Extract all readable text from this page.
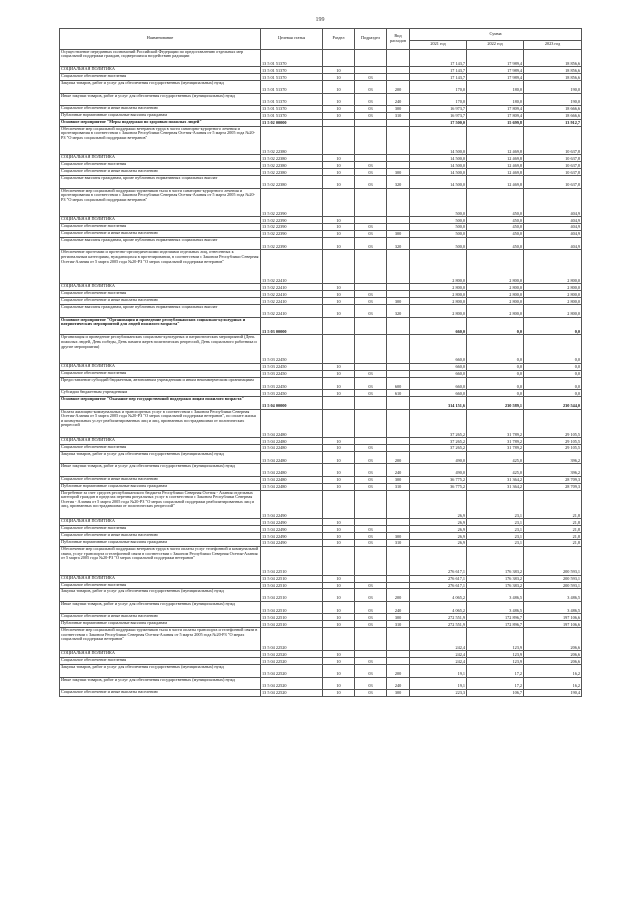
199
Наименование	Целевая статья	Раздел	Подраздел	Вид расходов	Сумма		
					2021 год	2022 год	2023 год
Осуществление переданных полномочий Российской Федерации по предоставлению отдельных мер социальной поддержки граждан, подвергшихся воздействию радиации	13 5 01 51370				17 143,7	17 989,4	18 856,6
СОЦИАЛЬНАЯ ПОЛИТИКА	13 5 01 51370	10			17 143,7	17 989,4	18 856,6
Социальное обеспечение населения	13 5 01 51370	10	03		17 143,7	17 989,4	18 856,6
Закупка товаров, работ и услуг для обеспечения государственных (муниципальных) нужд	13 5 01 51370	10	03	200	170,0	180,0	190,0
Иные закупки товаров, работ и услуг для обеспечения государственных (муниципальных) нужд	13 5 01 51370	10	03	240	170,0	180,0	190,0
Социальное обеспечение и иные выплаты населению	13 5 01 51370	10	03	300	16 973,7	17 809,4	18 666,6
Публичные нормативные социальные выплаты гражданам	13 5 01 51370	10	03	310	16 973,7	17 809,4	18 666,6
Основное мероприятие "Меры поддержки по здоровью пожилых людей"	13 5 02 00000				17 500,0	15 699,8	13 912,7
Обеспечение мер социальной поддержки ветеранов труда в части санаторно-курортного лечения и протезирования в соответствии с Законом Республики Северная Осетия-Алания от 5 марта 2005 года №20-РЗ "О мерах социальной поддержки ветеранов"	13 5 02 22380				14 500,0	12 469,8	10 637,8
СОЦИАЛЬНАЯ ПОЛИТИКА	13 5 02 22380	10			14 500,0	12 469,8	10 637,8
Социальное обеспечение населения	13 5 02 22380	10	03		14 500,0	12 469,8	10 637,8
Социальное обеспечение и иные выплаты населению	13 5 02 22380	10	03	300	14 500,0	12 469,8	10 637,8
Социальные выплаты гражданам, кроме публичных нормативных социальных выплат	13 5 02 22380	10	03	320	14 500,0	12 469,8	10 637,8
Обеспечение мер социальной поддержки тружеников тыла в части санаторно-курортного лечения и протезирования в соответствии с Законом Республики Северная Осетия-Алания от 5 марта 2005 года №20-РЗ "О мерах социальной поддержки ветеранов"	13 5 02 22390				500,0	450,0	404,9
СОЦИАЛЬНАЯ ПОЛИТИКА	13 5 02 22390	10			500,0	450,0	404,9
Социальное обеспечение населения	13 5 02 22390	10	03		500,0	450,0	404,9
Социальное обеспечение и иные выплаты населению	13 5 02 22390	10	03	300	500,0	450,0	404,9
Социальные выплаты гражданам, кроме публичных нормативных социальных выплат	13 5 02 22390	10	03	320	500,0	450,0	404,9
Обеспечение протезами и протезно-ортопедическими изделиями отдельных лиц, отнесенных к региональным категориям, нуждающихся в протезировании, в соответствии с Законом Республики Северная Осетия-Алания от 5 марта 2005 года №20-РЗ "О мерах социальной поддержки ветеранов"	13 5 02 22410				2 800,0	2 800,0	2 800,0
СОЦИАЛЬНАЯ ПОЛИТИКА	13 5 02 22410	10			2 800,0	2 800,0	2 800,0
Социальное обеспечение населения	13 5 02 22410	10	03		2 800,0	2 800,0	2 800,0
Социальное обеспечение и иные выплаты населению	13 5 02 22410	10	03	300	2 800,0	2 800,0	2 800,0
Социальные выплаты гражданам, кроме публичных нормативных социальных выплат	13 5 02 22410	10	03	320	2 800,0	2 800,0	2 800,0
Основное мероприятие "Организация и проведение республиканских социально-культурных и патриотических мероприятий для людей пожилого возраста"	13 5 03 00000				660,0	0,0	0,0
Организация и проведение республиканских социально-культурных и патриотических мероприятий (День пожилых людей, День победы, День памяти жертв политических репрессий, День социального работника и другие мероприятия)	13 5 03 22450				660,0	0,0	0,0
СОЦИАЛЬНАЯ ПОЛИТИКА	13 5 03 22450	10			660,0	0,0	0,0
Социальное обеспечение населения	13 5 03 22450	10	03		660,0	0,0	0,0
Предоставление субсидий бюджетным, автономным учреждениям и иным некоммерческим организациям	13 5 03 22450	10	03	600	660,0	0,0	0,0
Субсидии бюджетным учреждениям	13 5 03 22450	10	03	610	660,0	0,0	0,0
Основное мероприятие "Оказание мер государственной поддержки лицам пожилого возраста"	13 5 04 00000				314 151,6	230 589,1	230 544,0
Оплата жилищно-коммунальных и транспортных услуг в соответствии с Законом Республики Северная Осетия-Алания от 5 марта 2005 года №20-РЗ "О мерах социальной поддержки ветеранов", по оплате жилья и коммунальных услуг реабилитированных лиц и лиц, признанных пострадавшими от политических репрессий	13 5 04 22480				37 265,2	31 789,2	29 105,5
СОЦИАЛЬНАЯ ПОЛИТИКА	13 5 04 22480	10			37 265,2	31 789,2	29 105,5
Социальное обеспечение населения	13 5 04 22480	10	03		37 265,2	31 789,2	29 105,5
Закупка товаров, работ и услуг для обеспечения государственных (муниципальных) нужд	13 5 04 22480	10	03	200	490,0	425,0	396,2
Иные закупки товаров, работ и услуг для обеспечения государственных (муниципальных) нужд	13 5 04 22480	10	03	240	490,0	425,0	396,2
Социальное обеспечение и иные выплаты населению	13 5 04 22480	10	03	300	36 775,2	31 364,2	28 709,3
Публичные нормативные социальные выплаты гражданам	13 5 04 22480	10	03	310	36 775,2	31 364,2	28 709,3
Погребение за счет средств республиканского бюджета Республики Северная Осетия - Алания отдельных категорий граждан в пределах перечня ритуальных услуг в соответствии с Законом Республики Северная Осетия - Алания от 5 марта 2005 года №20-РЗ "О мерах социальной поддержки реабилитированных лиц и лиц, признанных пострадавшими от политических репрессий"	13 5 04 22490				26,9	23,1	21,8
СОЦИАЛЬНАЯ ПОЛИТИКА	13 5 04 22490	10			26,9	23,1	21,8
Социальное обеспечение населения	13 5 04 22490	10	03		26,9	23,1	21,8
Социальное обеспечение и иные выплаты населению	13 5 04 22490	10	03	300	26,9	23,1	21,8
Публичные нормативные социальные выплаты гражданам	13 5 04 22490	10	03	310	26,9	23,1	21,8
Обеспечение мер социальной поддержки ветеранов труда в части оплаты услуг телефонной и коммунальной связи, услуг транспорта и телефонной связи в соответствии с Законом Республики Северная Осетия-Алания от 5 марта 2005 года №20-РЗ "О мерах социальной поддержки ветеранов"	13 5 04 22510				276 617,1	176 383,2	200 593,1
СОЦИАЛЬНАЯ ПОЛИТИКА	13 5 04 22510	10			276 617,1	176 383,2	200 593,1
Социальное обеспечение населения	13 5 04 22510	10	03		276 617,1	176 383,2	200 593,1
Закупка товаров, работ и услуг для обеспечения государственных (муниципальных) нужд	13 5 04 22510	10	03	200	4 065,2	3 486,5	3 486,5
Иные закупки товаров, работ и услуг для обеспечения государственных (муниципальных) нужд	13 5 04 22510	10	03	240	4 065,2	3 486,5	3 486,5
Социальное обеспечение и иные выплаты населению	13 5 04 22510	10	03	300	272 551,9	172 896,7	197 106,6
Публичные нормативные социальные выплаты гражданам	13 5 04 22510	10	03	310	272 551,9	172 896,7	197 106,6
Обеспечение мер социальной поддержки тружеников тыла в части оплаты транспорта и телефонной связи в соответствии с Законом Республики Северная Осетия-Алания от 5 марта 2005 года №20-РЗ "О мерах социальной поддержки ветеранов"	13 5 04 22520				242,4	123,9	206,6
СОЦИАЛЬНАЯ ПОЛИТИКА	13 5 04 22520	10			242,4	123,9	206,6
Социальное обеспечение населения	13 5 04 22520	10	03		242,4	123,9	206,6
Закупка товаров, работ и услуг для обеспечения государственных (муниципальных) нужд	13 5 04 22520	10	03	200	19,1	17,2	16,2
Иные закупки товаров, работ и услуг для обеспечения государственных (муниципальных) нужд	13 5 04 22520	10	03	240	19,1	17,2	16,2
Социальное обеспечение и иные выплаты населению	13 5 04 22520	10	03	300	223,3	106,7	190,4
